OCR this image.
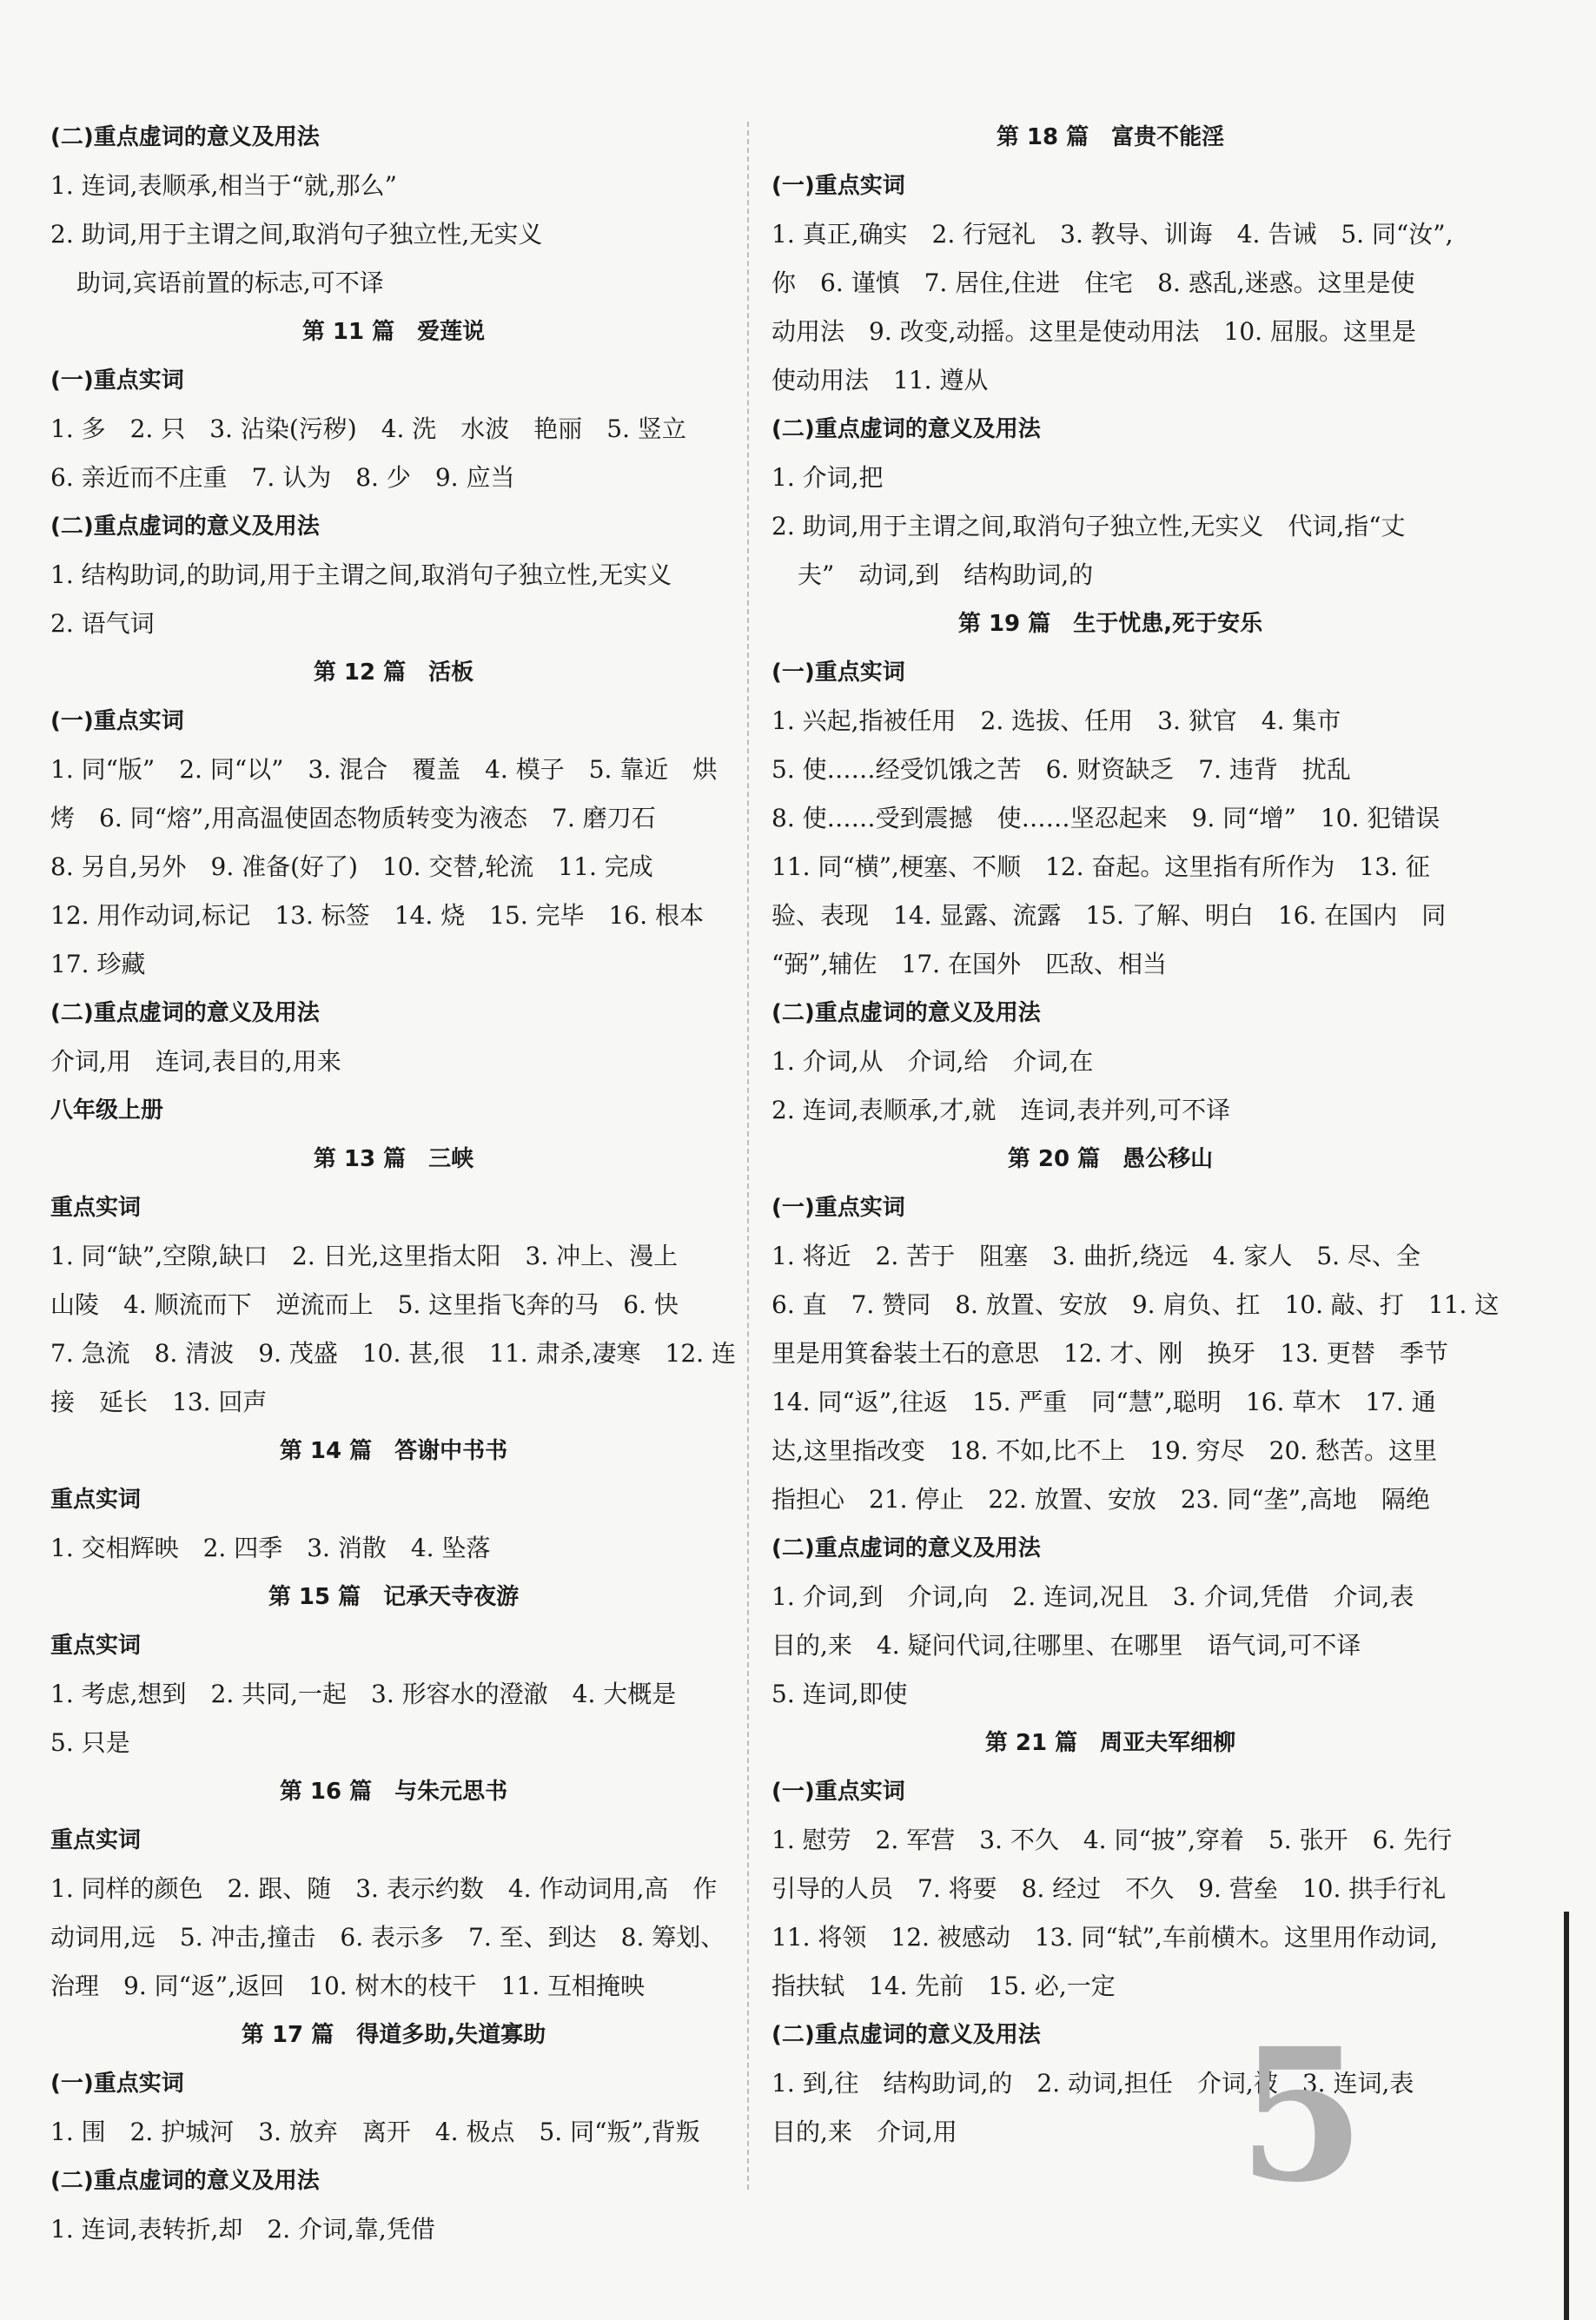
(二)重点虚词的意义及用法
1. 连词,表顺承,相当于“就,那么”
2. 助词,用于主谓之间,取消句子独立性,无实义
助词,宾语前置的标志,可不译
第 11 篇　爱莲说
(一)重点实词
1. 多　2. 只　3. 沾染(污秽)　4. 洗　水波　艳丽　5. 竖立
6. 亲近而不庄重　7. 认为　8. 少　9. 应当
(二)重点虚词的意义及用法
1. 结构助词,的助词,用于主谓之间,取消句子独立性,无实义
2. 语气词
第 12 篇　活板
(一)重点实词
1. 同“版”　2. 同“以”　3. 混合　覆盖　4. 模子　5. 靠近　烘
烤　6. 同“熔”,用高温使固态物质转变为液态　7. 磨刀石
8. 另自,另外　9. 准备(好了)　10. 交替,轮流　11. 完成
12. 用作动词,标记　13. 标签　14. 烧　15. 完毕　16. 根本
17. 珍藏
(二)重点虚词的意义及用法
介词,用　连词,表目的,用来
八年级上册
第 13 篇　三峡
重点实词
1. 同“缺”,空隙,缺口　2. 日光,这里指太阳　3. 冲上、漫上
山陵　4. 顺流而下　逆流而上　5. 这里指飞奔的马　6. 快
7. 急流　8. 清波　9. 茂盛　10. 甚,很　11. 肃杀,凄寒　12. 连
接　延长　13. 回声
第 14 篇　答谢中书书
重点实词
1. 交相辉映　2. 四季　3. 消散　4. 坠落
第 15 篇　记承天寺夜游
重点实词
1. 考虑,想到　2. 共同,一起　3. 形容水的澄澈　4. 大概是
5. 只是
第 16 篇　与朱元思书
重点实词
1. 同样的颜色　2. 跟、随　3. 表示约数　4. 作动词用,高　作
动词用,远　5. 冲击,撞击　6. 表示多　7. 至、到达　8. 筹划、
治理　9. 同“返”,返回　10. 树木的枝干　11. 互相掩映
第 17 篇　得道多助,失道寡助
(一)重点实词
1. 围　2. 护城河　3. 放弃　离开　4. 极点　5. 同“叛”,背叛
(二)重点虚词的意义及用法
1. 连词,表转折,却　2. 介词,靠,凭借
第 18 篇　富贵不能淫
(一)重点实词
1. 真正,确实　2. 行冠礼　3. 教导、训诲　4. 告诫　5. 同“汝”,
你　6. 谨慎　7. 居住,住进　住宅　8. 惑乱,迷惑。这里是使
动用法　9. 改变,动摇。这里是使动用法　10. 屈服。这里是
使动用法　11. 遵从
(二)重点虚词的意义及用法
1. 介词,把
2. 助词,用于主谓之间,取消句子独立性,无实义　代词,指“丈
夫”　动词,到　结构助词,的
第 19 篇　生于忧患,死于安乐
(一)重点实词
1. 兴起,指被任用　2. 选拔、任用　3. 狱官　4. 集市
5. 使……经受饥饿之苦　6. 财资缺乏　7. 违背　扰乱
8. 使……受到震撼　使……坚忍起来　9. 同“增”　10. 犯错误
11. 同“横”,梗塞、不顺　12. 奋起。这里指有所作为　13. 征
验、表现　14. 显露、流露　15. 了解、明白　16. 在国内　同
“弼”,辅佐　17. 在国外　匹敌、相当
(二)重点虚词的意义及用法
1. 介词,从　介词,给　介词,在
2. 连词,表顺承,才,就　连词,表并列,可不译
第 20 篇　愚公移山
(一)重点实词
1. 将近　2. 苦于　阻塞　3. 曲折,绕远　4. 家人　5. 尽、全
6. 直　7. 赞同　8. 放置、安放　9. 肩负、扛　10. 敲、打　11. 这
里是用箕畚装土石的意思　12. 才、刚　换牙　13. 更替　季节
14. 同“返”,往返　15. 严重　同“慧”,聪明　16. 草木　17. 通
达,这里指改变　18. 不如,比不上　19. 穷尽　20. 愁苦。这里
指担心　21. 停止　22. 放置、安放　23. 同“垄”,高地　隔绝
(二)重点虚词的意义及用法
1. 介词,到　介词,向　2. 连词,况且　3. 介词,凭借　介词,表
目的,来　4. 疑问代词,往哪里、在哪里　语气词,可不译
5. 连词,即使
第 21 篇　周亚夫军细柳
(一)重点实词
1. 慰劳　2. 军营　3. 不久　4. 同“披”,穿着　5. 张开　6. 先行
引导的人员　7. 将要　8. 经过　不久　9. 营垒　10. 拱手行礼
11. 将领　12. 被感动　13. 同“轼”,车前横木。这里用作动词,
指扶轼　14. 先前　15. 必,一定
(二)重点虚词的意义及用法
1. 到,往　结构助词,的　2. 动词,担任　介词,被　3. 连词,表
目的,来　介词,用	5
